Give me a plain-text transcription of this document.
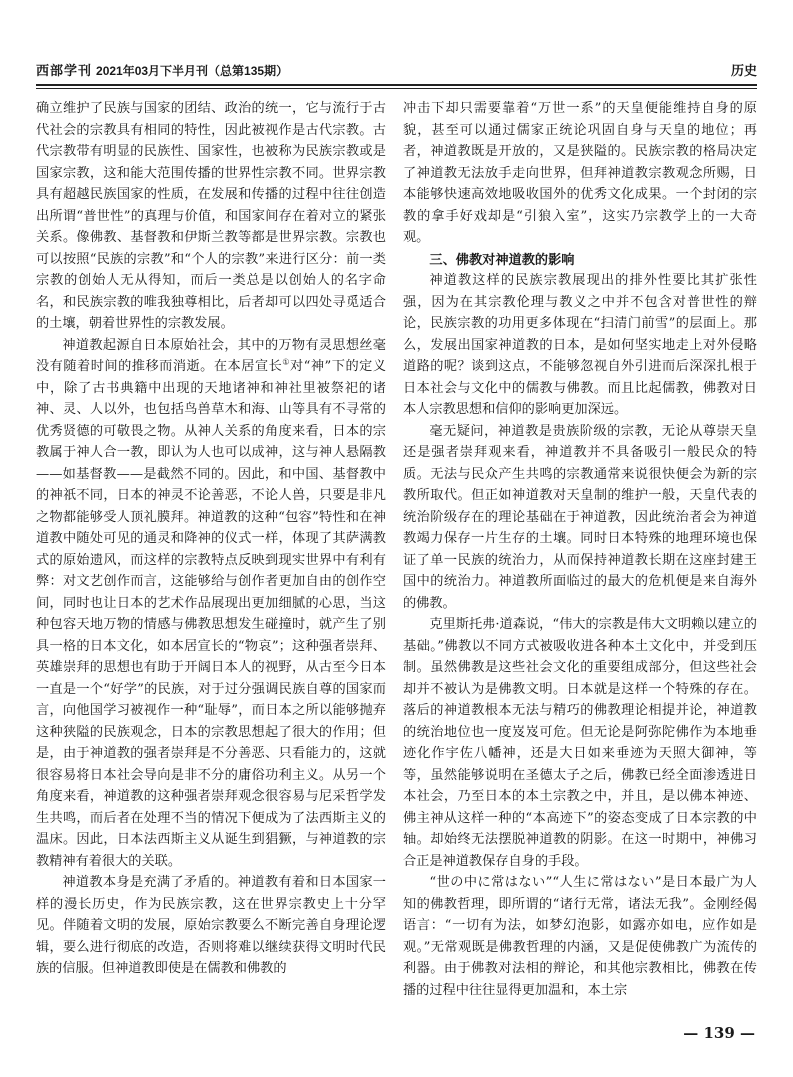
西部学刊 2021年03月下半月刊（总第135期）	历史

确立维护了民族与国家的团结、政治的统一，它与流行于古代社会的宗教具有相同的特性，因此被视作是古代宗教。古代宗教带有明显的民族性、国家性，也被称为民族宗教或是国家宗教，这和能大范围传播的世界性宗教不同。世界宗教具有超越民族国家的性质，在发展和传播的过程中往往创造出所谓“普世性”的真理与价值，和国家间存在着对立的紧张关系。像佛教、基督教和伊斯兰教等都是世界宗教。宗教也可以按照“民族的宗教”和“个人的宗教”来进行区分：前一类宗教的创始人无从得知，而后一类总是以创始人的名字命名，和民族宗教的唯我独尊相比，后者却可以四处寻觅适合的土壤，朝着世界性的宗教发展。

神道教起源自日本原始社会，其中的万物有灵思想丝毫没有随着时间的推移而消逝。在本居宣长①对“神”下的定义中，除了古书典籍中出现的天地诸神和神社里被祭祀的诸神、灵、人以外，也包括鸟兽草木和海、山等具有不寻常的优秀贤德的可敬畏之物。从神人关系的角度来看，日本的宗教属于神人合一教，即认为人也可以成神，这与神人悬隔教——如基督教——是截然不同的。因此，和中国、基督教中的神祇不同，日本的神灵不论善恶，不论人兽，只要是非凡之物都能够受人顶礼膜拜。神道教的这种“包容”特性和在神道教中随处可见的通灵和降神的仪式一样，体现了其萨满教式的原始遗风，而这样的宗教特点反映到现实世界中有利有弊：对文艺创作而言，这能够给与创作者更加自由的创作空间，同时也让日本的艺术作品展现出更加细腻的心思，当这种包容天地万物的情感与佛教思想发生碰撞时，就产生了别具一格的日本文化，如本居宣长的“物哀”；这种强者崇拜、英雄崇拜的思想也有助于开阔日本人的视野，从古至今日本一直是一个“好学”的民族，对于过分强调民族自尊的国家而言，向他国学习被视作一种“耻辱”，而日本之所以能够抛弃这种狭隘的民族观念，日本的宗教思想起了很大的作用；但是，由于神道教的强者崇拜是不分善恶、只看能力的，这就很容易将日本社会导向是非不分的庸俗功利主义。从另一个角度来看，神道教的这种强者崇拜观念很容易与尼采哲学发生共鸣，而后者在处理不当的情况下便成为了法西斯主义的温床。因此，日本法西斯主义从诞生到猖獗，与神道教的宗教精神有着很大的关联。

神道教本身是充满了矛盾的。神道教有着和日本国家一样的漫长历史，作为民族宗教，这在世界宗教史上十分罕见。伴随着文明的发展，原始宗教要么不断完善自身理论逻辑，要么进行彻底的改造，否则将难以继续获得文明时代民族的信服。但神道教即使是在儒教和佛教的

冲击下却只需要靠着“万世一系”的天皇便能维持自身的原貌，甚至可以通过儒家正统论巩固自身与天皇的地位；再者，神道教既是开放的，又是狭隘的。民族宗教的格局决定了神道教无法放手走向世界，但拜神道教宗教观念所赐，日本能够快速高效地吸收国外的优秀文化成果。一个封闭的宗教的拿手好戏却是“引狼入室”，这实乃宗教学上的一大奇观。

三、佛教对神道教的影响

神道教这样的民族宗教展现出的排外性要比其扩张性强，因为在其宗教伦理与教义之中并不包含对普世性的辩论，民族宗教的功用更多体现在“扫清门前雪”的层面上。那么，发展出国家神道教的日本，是如何坚实地走上对外侵略道路的呢？谈到这点，不能够忽视自外引进而后深深扎根于日本社会与文化中的儒教与佛教。而且比起儒教，佛教对日本人宗教思想和信仰的影响更加深远。

毫无疑问，神道教是贵族阶级的宗教，无论从尊崇天皇还是强者崇拜观来看，神道教并不具备吸引一般民众的特质。无法与民众产生共鸣的宗教通常来说很快便会为新的宗教所取代。但正如神道教对天皇制的维护一般，天皇代表的统治阶级存在的理论基础在于神道教，因此统治者会为神道教竭力保存一片生存的土壤。同时日本特殊的地理环境也保证了单一民族的统治力，从而保持神道教长期在这座封建王国中的统治力。神道教所面临过的最大的危机便是来自海外的佛教。

克里斯托弗·道森说，“伟大的宗教是伟大文明赖以建立的基础。”佛教以不同方式被吸收进各种本土文化中，并受到压制。虽然佛教是这些社会文化的重要组成部分，但这些社会却并不被认为是佛教文明。日本就是这样一个特殊的存在。落后的神道教根本无法与精巧的佛教理论相提并论，神道教的统治地位也一度岌岌可危。但无论是阿弥陀佛作为本地垂迹化作宇佐八幡神，还是大日如来垂迹为天照大御神，等等，虽然能够说明在圣德太子之后，佛教已经全面渗透进日本社会，乃至日本的本土宗教之中，并且，是以佛本神迹、佛主神从这样一种的“本高迹下”的姿态变成了日本宗教的中轴。却始终无法摆脱神道教的阴影。在这一时期中，神佛习合正是神道教保存自身的手段。

“世の中に常はない”“人生に常はない”是日本最广为人知的佛教哲理，即所谓的“诸行无常，诸法无我”。金刚经偈语言：“一切有为法，如梦幻泡影，如露亦如电，应作如是观。”无常观既是佛教哲理的内涵，又是促使佛教广为流传的利器。由于佛教对法相的辩论，和其他宗教相比，佛教在传播的过程中往往显得更加温和，本土宗

— 139 —
